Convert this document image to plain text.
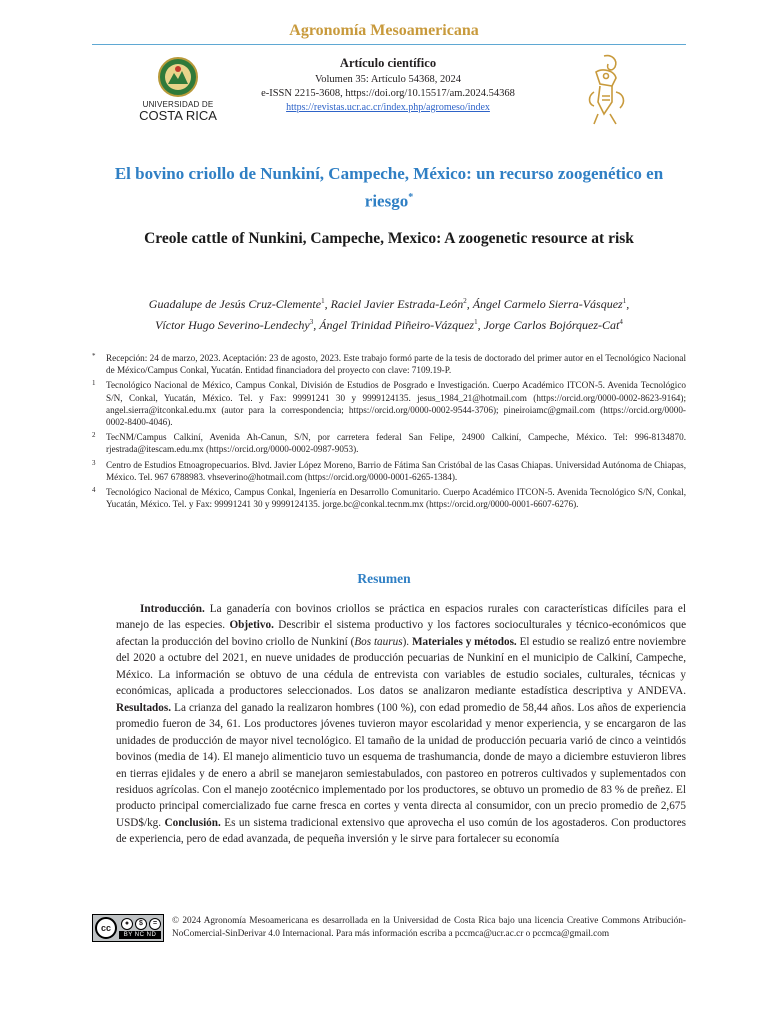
Agronomía Mesoamericana
UNIVERSIDAD DE
COSTA RICA
Artículo científico
Volumen 35: Artículo 54368, 2024
e-ISSN 2215-3608, https://doi.org/10.15517/am.2024.54368
https://revistas.ucr.ac.cr/index.php/agromeso/index
El bovino criollo de Nunkiní, Campeche, México: un recurso zoogenético en riesgo*
Creole cattle of Nunkini, Campeche, Mexico: A zoogenetic resource at risk
Guadalupe de Jesús Cruz-Clemente$^1$, Raciel Javier Estrada-León$^2$, Ángel Carmelo Sierra-Vásquez$^1$,
Víctor Hugo Severino-Lendechy$^3$, Ángel Trinidad Piñeiro-Vázquez$^1$, Jorge Carlos Bojórquez-Cat$^4$
* Recepción: 24 de marzo, 2023. Aceptación: 23 de agosto, 2023. Este trabajo formó parte de la tesis de doctorado del primer autor en el Tecnológico Nacional de México/Campus Conkal, Yucatán. Entidad financiadora del proyecto con clave: 7109.19-P.
1 Tecnológico Nacional de México, Campus Conkal, División de Estudios de Posgrado e Investigación. Cuerpo Académico ITCON-5. Avenida Tecnológico S/N, Conkal, Yucatán, México. Tel. y Fax: 99991241 30 y 9999124135. jesus_1984_21@hotmail.com (https://orcid.org/0000-0002-8623-9164); angel.sierra@itconkal.edu.mx (autor para la correspondencia; https://orcid.org/0000-0002-9544-3706); pineiroiamc@gmail.com (https://orcid.org/0000-0002-8400-4046).
2 TecNM/Campus Calkiní, Avenida Ah-Canun, S/N, por carretera federal San Felipe, 24900 Calkiní, Campeche, México. Tel: 996-8134870. rjestrada@itescam.edu.mx (https://orcid.org/0000-0002-0987-9053).
3 Centro de Estudios Etnoagropecuarios. Blvd. Javier López Moreno, Barrio de Fátima San Cristóbal de las Casas Chiapas. Universidad Autónoma de Chiapas, México. Tel. 967 6788983. vhseverino@hotmail.com (https://orcid.org/0000-0001-6265-1384).
4 Tecnológico Nacional de México, Campus Conkal, Ingeniería en Desarrollo Comunitario. Cuerpo Académico ITCON-5. Avenida Tecnológico S/N, Conkal, Yucatán, México. Tel. y Fax: 99991241 30 y 9999124135. jorge.bc@conkal.tecnm.mx (https://orcid.org/0000-0001-6607-6276).
Resumen
Introducción. La ganadería con bovinos criollos se práctica en espacios rurales con características difíciles para el manejo de las especies. Objetivo. Describir el sistema productivo y los factores socioculturales y técnico-económicos que afectan la producción del bovino criollo de Nunkiní (Bos taurus). Materiales y métodos. El estudio se realizó entre noviembre del 2020 a octubre del 2021, en nueve unidades de producción pecuarias de Nunkiní en el municipio de Calkiní, Campeche, México. La información se obtuvo de una cédula de entrevista con variables de estudio sociales, culturales, técnicas y económicas, aplicada a productores seleccionados. Los datos se analizaron mediante estadística descriptiva y ANDEVA. Resultados. La crianza del ganado la realizaron hombres (100 %), con edad promedio de 58,44 años. Los años de experiencia promedio fueron de 34, 61. Los productores jóvenes tuvieron mayor escolaridad y menor experiencia, y se encargaron de las unidades de producción de mayor nivel tecnológico. El tamaño de la unidad de producción pecuaria varió de cinco a veintidós bovinos (media de 14). El manejo alimenticio tuvo un esquema de trashumancia, donde de mayo a diciembre estuvieron libres en tierras ejidales y de enero a abril se manejaron semiestabulados, con pastoreo en potreros cultivados y suplementados con residuos agrícolas. Con el manejo zootécnico implementado por los productores, se obtuvo un promedio de 83 % de preñez. El producto principal comercializado fue carne fresca en cortes y venta directa al consumidor, con un precio promedio de 2,675 USD$/kg. Conclusión. Es un sistema tradicional extensivo que aprovecha el uso común de los agostaderos. Con productores de experiencia, pero de edad avanzada, de pequeña inversión y le sirve para fortalecer su economía
cc	●	$	=
BY NC ND
© 2024 Agronomía Mesoamericana es desarrollada en la Universidad de Costa Rica bajo una licencia Creative Commons Atribución-NoComercial-SinDerivar 4.0 Internacional. Para más información escriba a pccmca@ucr.ac.cr o pccmca@gmail.com
